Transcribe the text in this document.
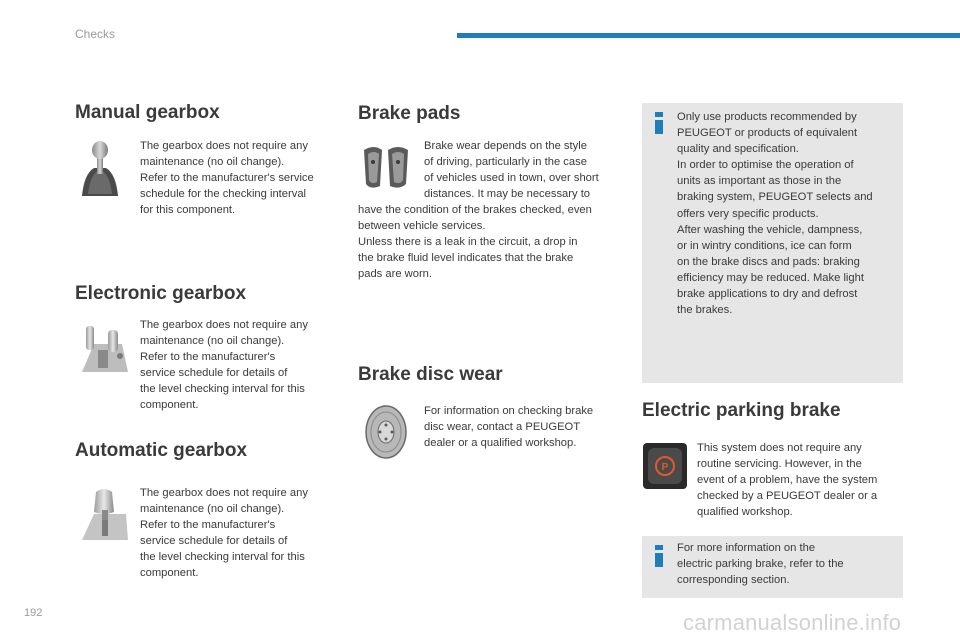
Checks
Manual gearbox

The gearbox does not require any

maintenance (no oil change).

Refer to the manufacturer's service

schedule for the checking interval

for this component.

Electronic gearbox

The gearbox does not require any

maintenance (no oil change).

Refer to the manufacturer's

service schedule for details of

the level checking interval for this

component.

Automatic gearbox

The gearbox does not require any

maintenance (no oil change).

Refer to the manufacturer's

service schedule for details of

the level checking interval for this

component.

Brake pads

Brake wear depends on the style

of driving, particularly in the case

of vehicles used in town, over short

distances. It may be necessary to

have the condition of the brakes checked, even

between vehicle services.

Unless there is a leak in the circuit, a drop in

the brake fluid level indicates that the brake

pads are worn.

Brake disc wear

For information on checking brake

disc wear, contact a PEUGEOT

dealer or a qualified workshop.

Only use products recommended by

PEUGEOT or products of equivalent

quality and specification.

In order to optimise the operation of

units as important as those in the

braking system, PEUGEOT selects and

offers very specific products.

After washing the vehicle, dampness,

or in wintry conditions, ice can form

on the brake discs and pads: braking

efficiency may be reduced. Make light

brake applications to dry and defrost

the brakes.

Electric parking brake
P

This system does not require any

routine servicing. However, in the

event of a problem, have the system

checked by a PEUGEOT dealer or a

qualified workshop.

For more information on the

electric parking brake, refer to the

corresponding section.

192	carmanualsonline.info
